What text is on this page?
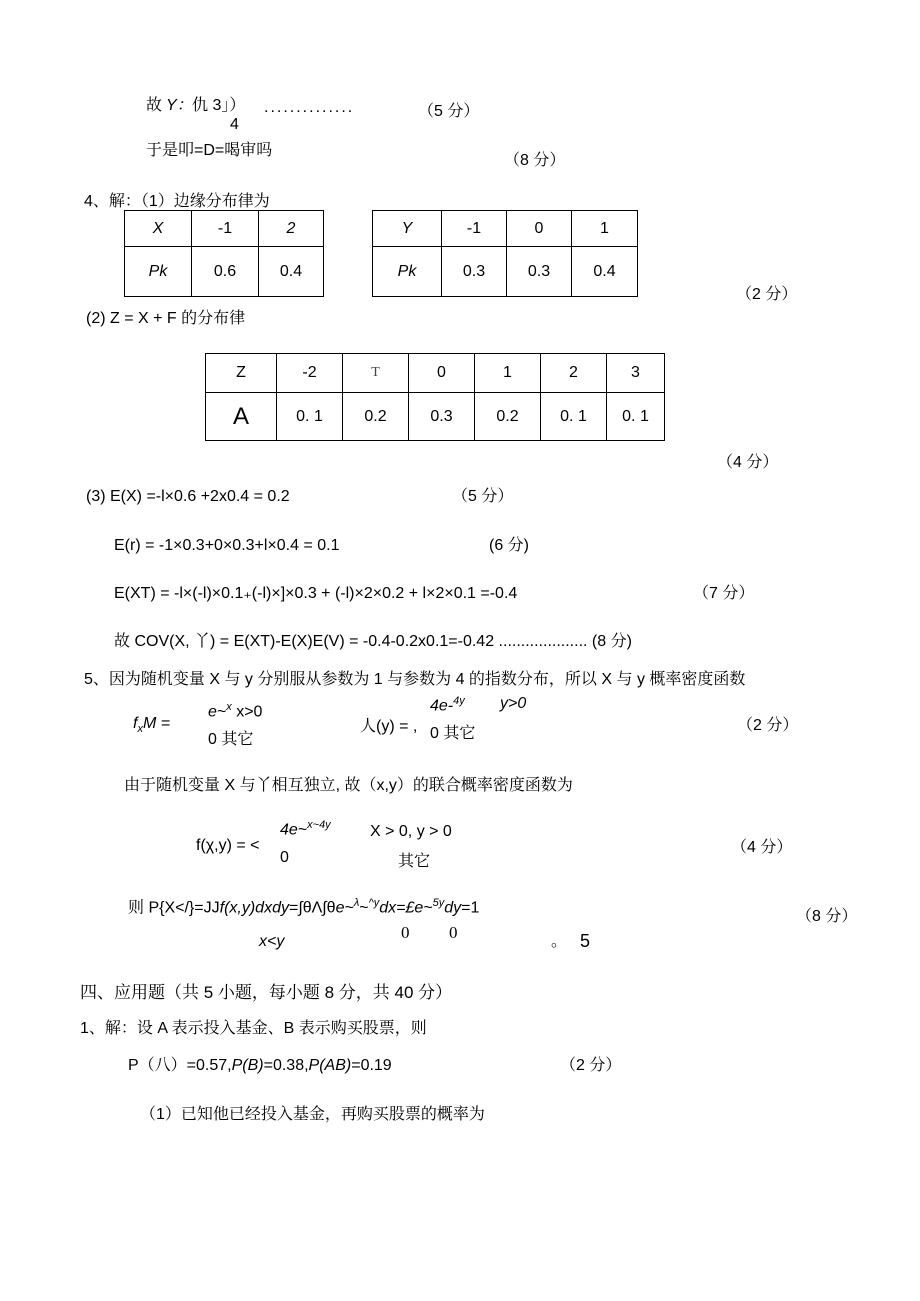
故 Y： 仇 3」） ..............	（5 分）
4
于是叩=D=喝审吗
（8 分）
4、解：（1）边缘分布律为
X	-1	2
Pk	0.6	0.4
Y	-1	0	1
Pk	0.3	0.3	0.4
（2 分）
(2) Z = X + F 的分布律
Z	-2	T	0	1	2	3
A	0. 1	0.2	0.3	0.2	0. 1	0. 1
（4 分）
(3) E(X) =-l×0.6 +2x0.4 = 0.2	（5 分）
E(r) = -1×0.3+0×0.3+l×0.4 = 0.1	(6 分)
E(XT) = -l×(-l)×0.1₊(-l)×]×0.3 + (-l)×2×0.2 + l×2×0.1 =-0.4	（7 分）
故 COV(X, 丫) = E(XT)-E(X)E(V) = -0.4-0.2x0.1=-0.42 .................... (8 分)
5、因为随机变量 X 与 y 分别服从参数为 1 与参数为 4 的指数分布，所以 X 与 y 概率密度函数
$f_xM$ =
e~$^x$ x>0
0 其它
人(y) = ,
4e-$^{4y}$ y>0
0 其它	（2 分）
由于随机变量 X 与丫相互独立, 故（x,y）的联合概率密度函数为
f(χ,y) = <
4e~$^{x\sim 4y}$ X > 0, y > 0
0	其它
（4 分）
则 P{X</}=JJf(x,y)dxdy=∫θΛ∫θe~$^\lambda$~$^{\^{}y}$dx=£e~$^{5y}$dy=1
x<y	0 0	。 5
（8 分）
四、应用题（共 5 小题，每小题 8 分，共 40 分）
1、解：设 A 表示投入基金、B 表示购买股票，则
P（八）=0.57,P(B)=0.38,P(AB)=0.19	（2 分）
（1）已知他已经投入基金，再购买股票的概率为
